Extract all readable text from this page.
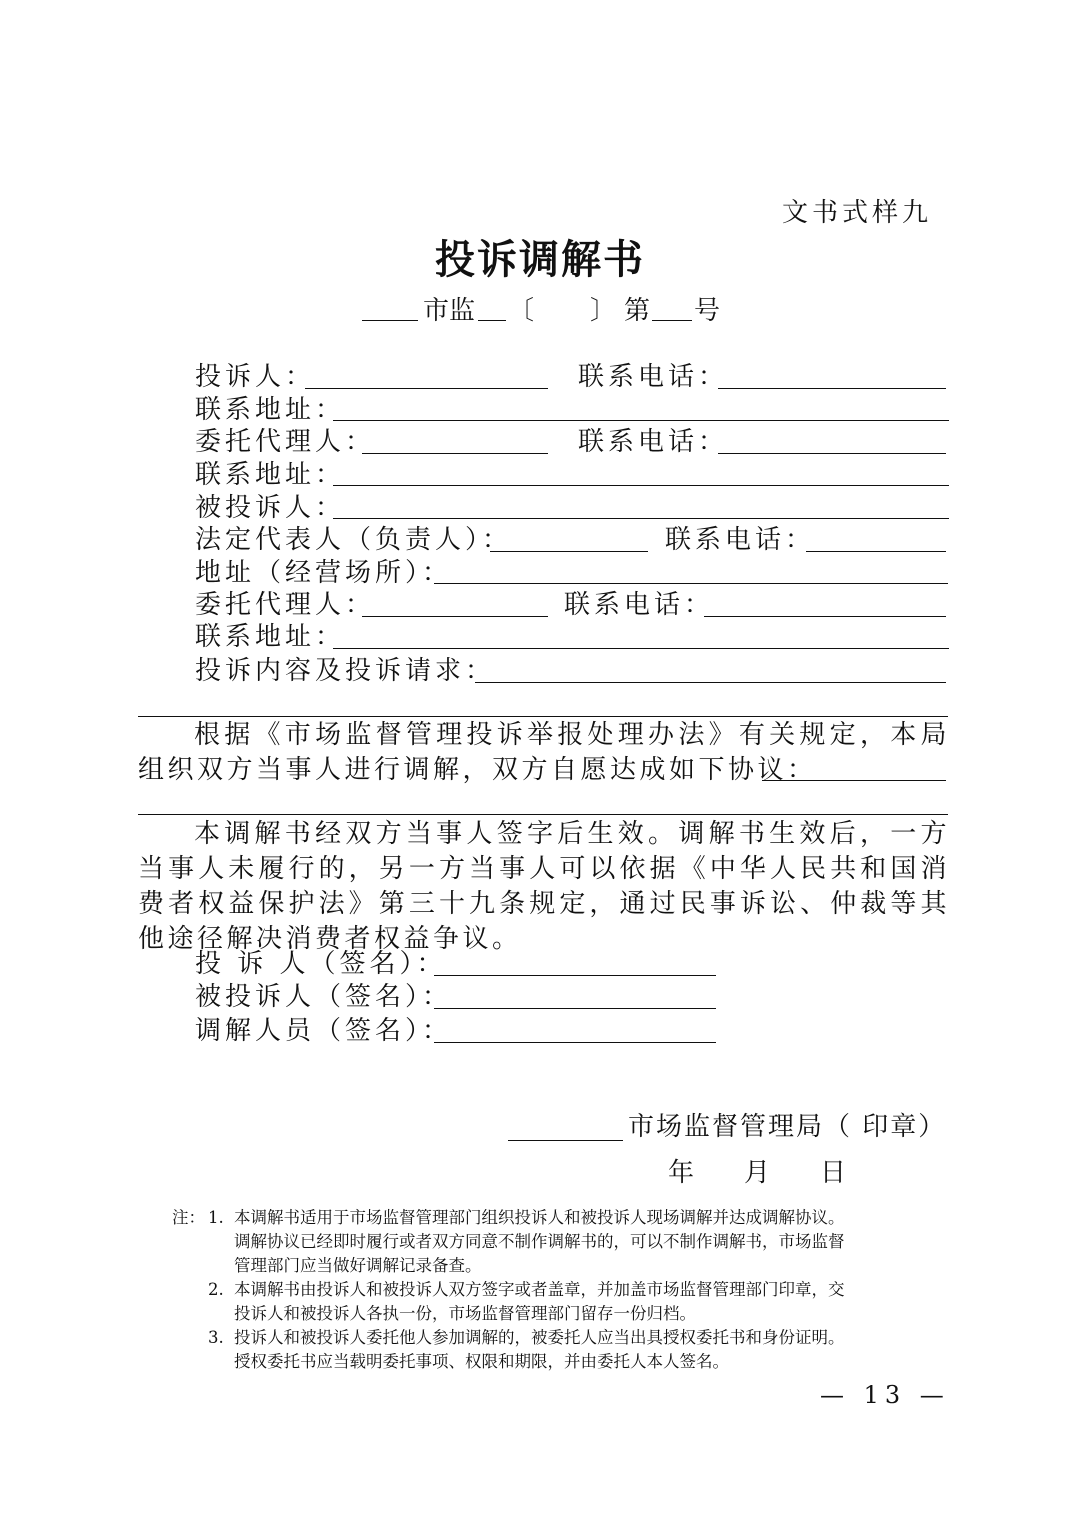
文书式样九
投诉调解书
市监 〔 〕 第 号
投诉人：	联系电话：
联系地址：
委托代理人：	联系电话：
联系地址：
被投诉人：
法定代表人（负责人）：	联系电话：
地址（经营场所）：
委托代理人：	联系电话：
联系地址：
投诉内容及投诉请求：
根据《市场监督管理投诉举报处理办法》有关规定，本局组织双方当事人进行调解，双方自愿达成如下协议：
本调解书经双方当事人签字后生效。调解书生效后，一方当事人未履行的，另一方当事人可以依据《中华人民共和国消费者权益保护法》第三十九条规定，通过民事诉讼、仲裁等其他途径解决消费者权益争议。
投 诉 人（签名）：
被投诉人（签名）：
调解人员（签名）：
市场监督管理局（ 印章）
年 月 日
注： 1. 本调解书适用于市场监督管理部门组织投诉人和被投诉人现场调解并达成调解协议。
调解协议已经即时履行或者双方同意不制作调解书的，可以不制作调解书，市场监督
管理部门应当做好调解记录备查。
2. 本调解书由投诉人和被投诉人双方签字或者盖章，并加盖市场监督管理部门印章，交
投诉人和被投诉人各执一份，市场监督管理部门留存一份归档。
3. 投诉人和被投诉人委托他人参加调解的，被委托人应当出具授权委托书和身份证明。
授权委托书应当载明委托事项、权限和期限，并由委托人本人签名。
— 13 —
